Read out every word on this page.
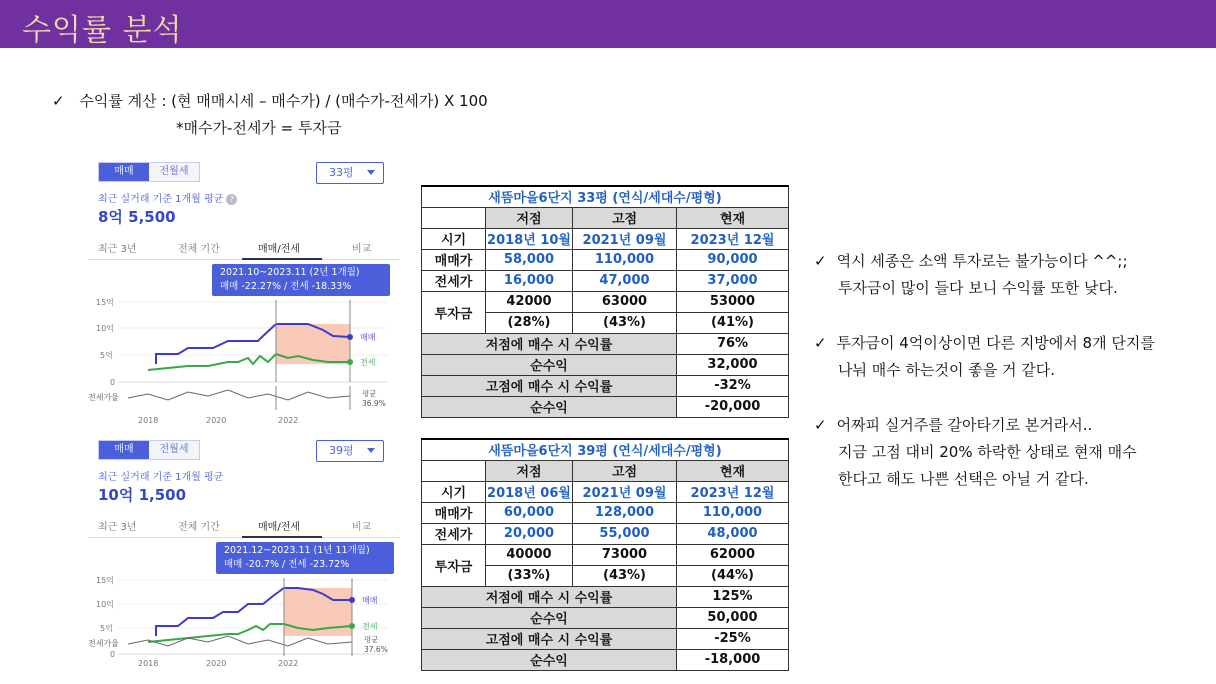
수익률 분석
✓ 수익률 계산 : (현 매매시세 – 매수가) / (매수가-전세가) X 100
*매수가-전세가 = 투자금
매매	전월세	33평
최근 실거래 기준 1개월 평균 ?
8억 5,500
최근 3년	전체 기간	매매/전세	비교
2021.10~2023.11 (2년 1개월)
매매 -22.27% / 전세 -18.33%
15억
10억
5억
0
매매
전세
전세가율	평균
36.9%
2018	2020	2022
매매	전월세	39평
최근 실거래 기준 1개월 평균
10억 1,500
최근 3년	전체 기간	매매/전세	비교
2021.12~2023.11 (1년 11개월)
매매 -20.7% / 전세 -23.72%
15억
10억
5억
0
매매
전세
전세가율	평균
37.6%
2018	2020	2022
새뜸마을6단지 33평 (연식/세대수/평형)			
	저점	고점	현재
시기	2018년 10월	2021년 09월	2023년 12월
매매가	58,000	110,000	90,000
전세가	16,000	47,000	37,000
투자금	42000	63000	53000
	(28%)	(43%)	(41%)
저점에 매수 시 수익률			76%
순수익			32,000
고점에 매수 시 수익률			-32%
순수익			-20,000
새뜸마을6단지 39평 (연식/세대수/평형)			
	저점	고점	현재
시기	2018년 06월	2021년 09월	2023년 12월
매매가	60,000	128,000	110,000
전세가	20,000	55,000	48,000
투자금	40000	73000	62000
	(33%)	(43%)	(44%)
저점에 매수 시 수익률			125%
순수익			50,000
고점에 매수 시 수익률			-25%
순수익			-18,000
✓ 역시 세종은 소액 투자로는 불가능이다 ^^;;
투자금이 많이 들다 보니 수익률 또한 낮다.
✓ 투자금이 4억이상이면 다른 지방에서 8개 단지를
나눠 매수 하는것이 좋을 거 같다.
✓ 어짜피 실거주를 갈아타기로 본거라서..
지금 고점 대비 20% 하락한 상태로 현재 매수
한다고 해도 나쁜 선택은 아닐 거 같다.
